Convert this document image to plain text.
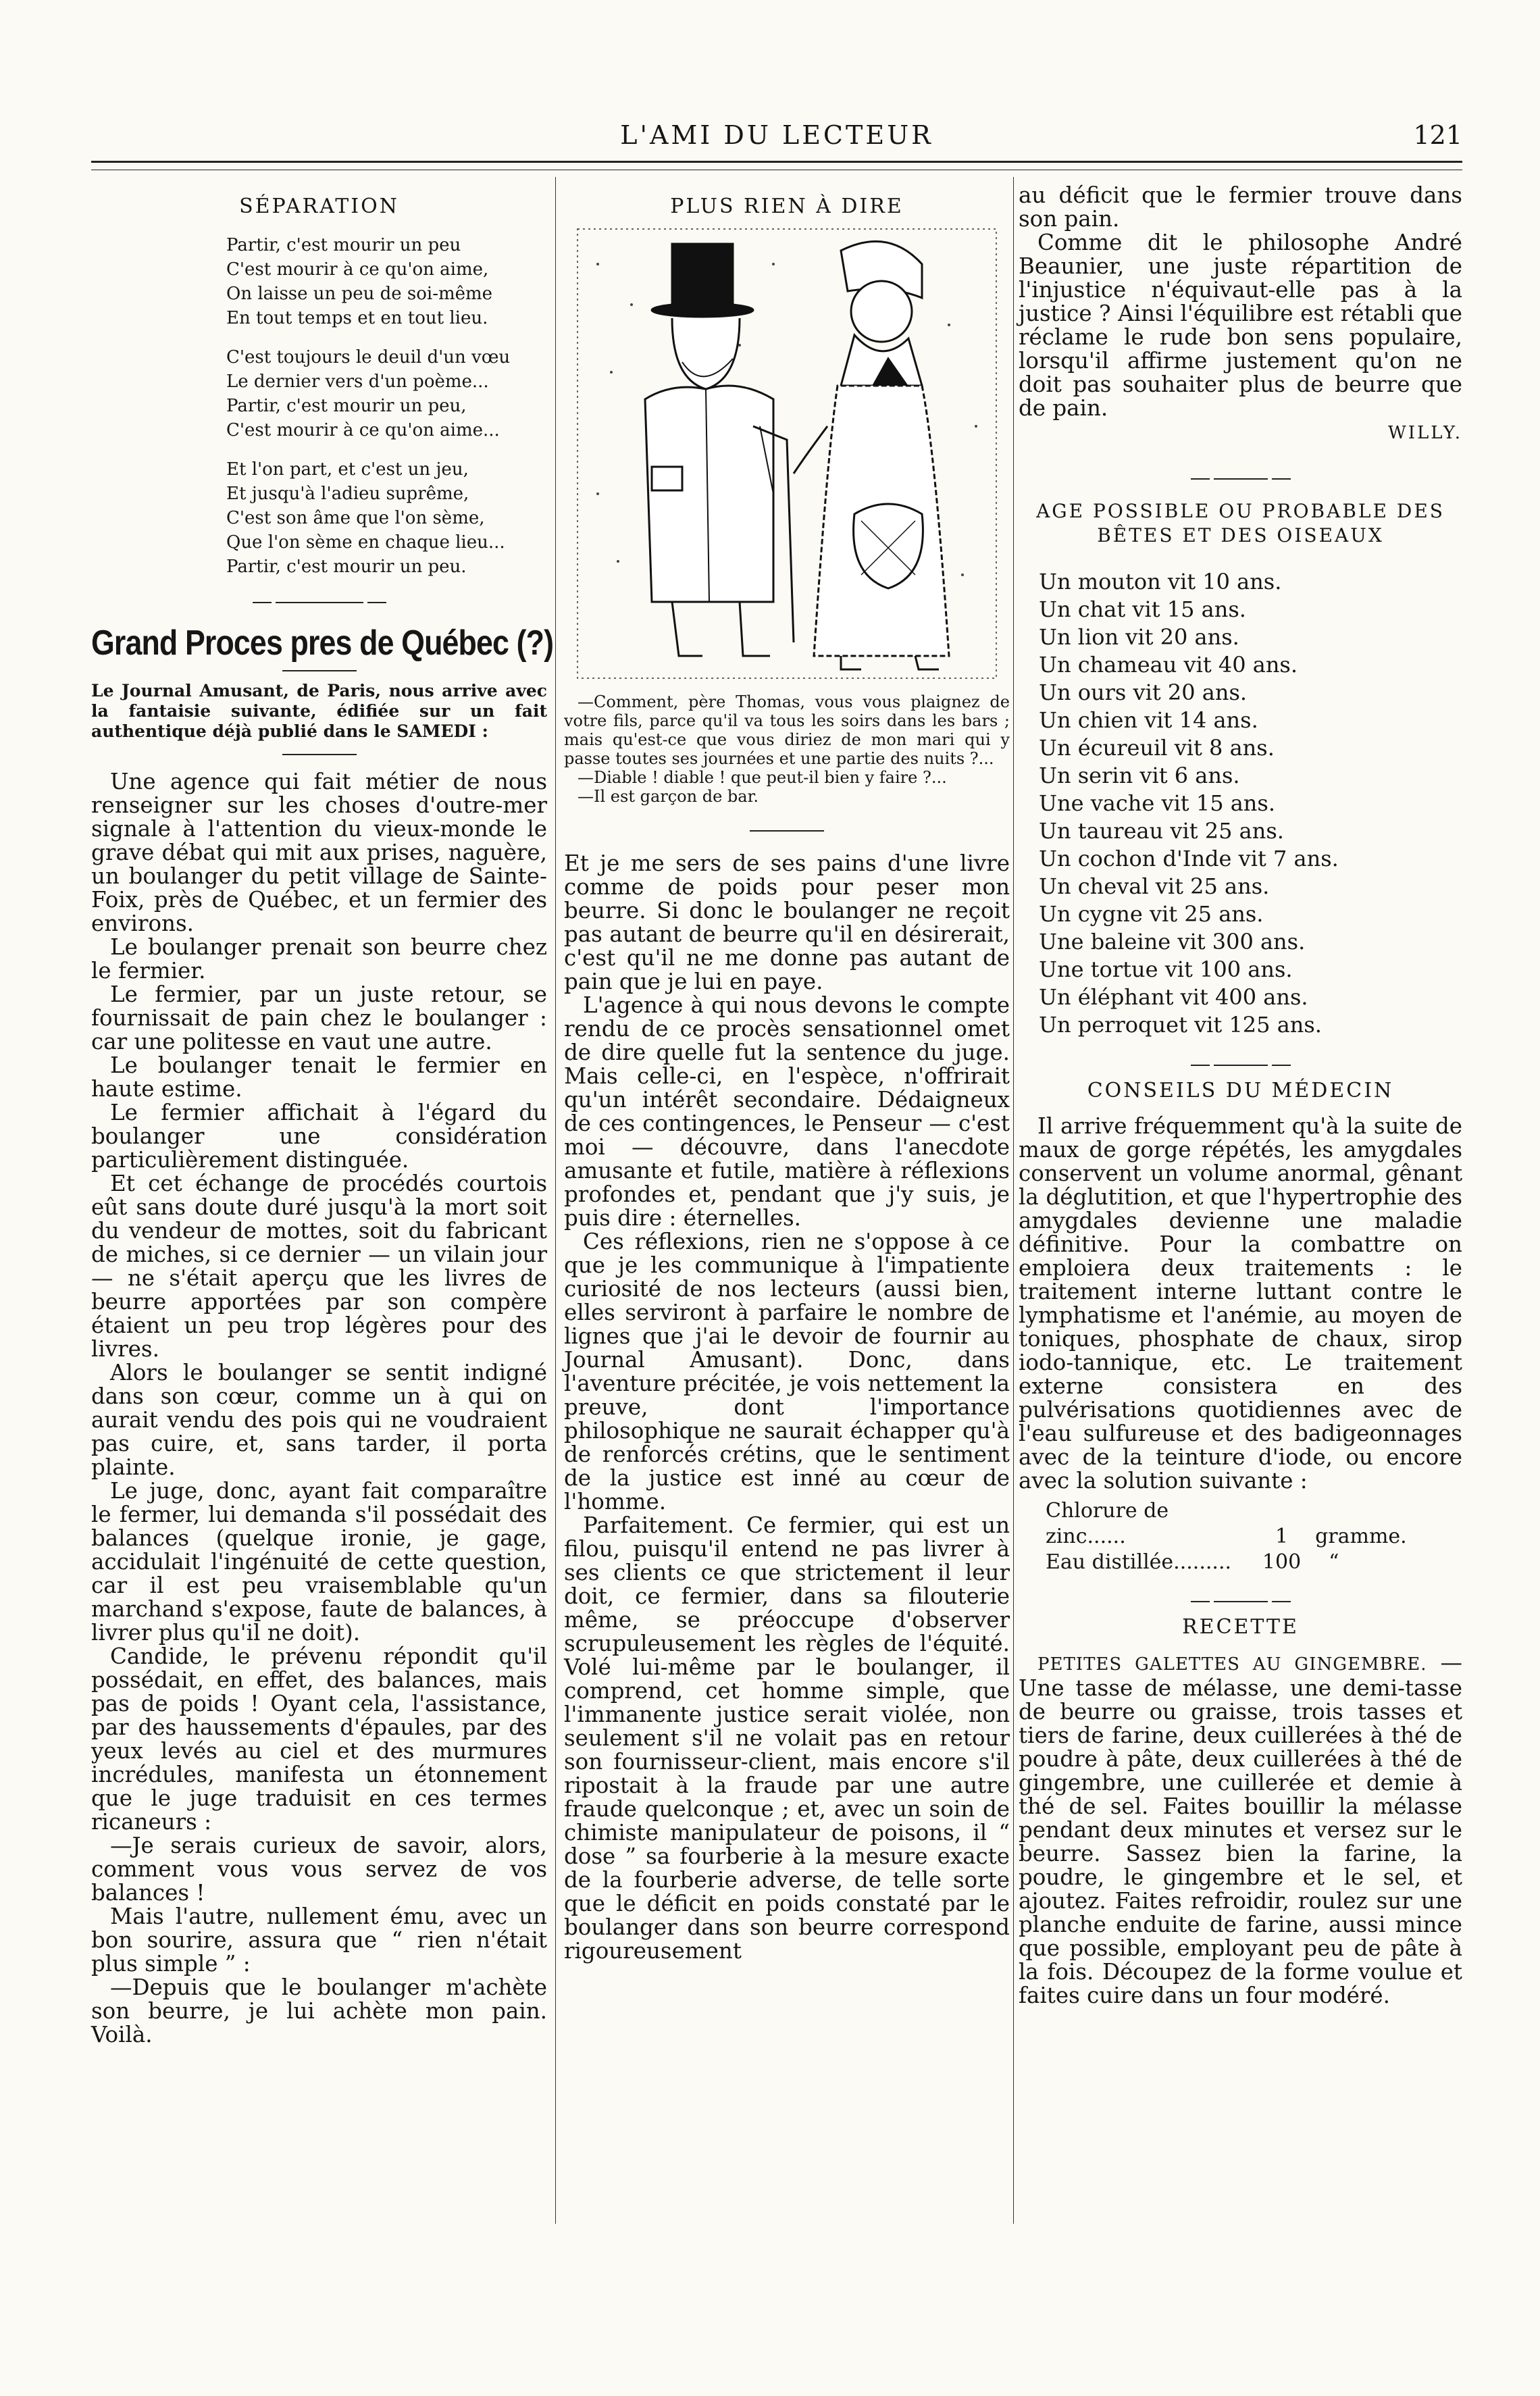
L'AMI DU LECTEUR	121
SÉPARATION
Partir, c'est mourir un peu
C'est mourir à ce qu'on aime,
On laisse un peu de soi-même
En tout temps et en tout lieu.
C'est toujours le deuil d'un vœu
Le dernier vers d'un poème...
Partir, c'est mourir un peu,
C'est mourir à ce qu'on aime...
Et l'on part, et c'est un jeu,
Et jusqu'à l'adieu suprême,
C'est son âme que l'on sème,
Que l'on sème en chaque lieu...
Partir, c'est mourir un peu.
Grand Proces pres de Québec (?)
Le Journal Amusant, de Paris, nous arrive avec la fantaisie suivante, édifiée sur un fait authentique déjà publié dans le SAMEDI :

Une agence qui fait métier de nous renseigner sur les choses d'outre-mer signale à l'attention du vieux-monde le grave débat qui mit aux prises, naguère, un boulanger du petit village de Sainte-Foix, près de Québec, et un fermier des environs.

Le boulanger prenait son beurre chez le fermier.

Le fermier, par un juste retour, se fournissait de pain chez le boulanger : car une politesse en vaut une autre.

Le boulanger tenait le fermier en haute estime.

Le fermier affichait à l'égard du boulanger une considération particulièrement distinguée.

Et cet échange de procédés courtois eût sans doute duré jusqu'à la mort soit du vendeur de mottes, soit du fabricant de miches, si ce dernier — un vilain jour — ne s'était aperçu que les livres de beurre apportées par son compère étaient un peu trop légères pour des livres.

Alors le boulanger se sentit indigné dans son cœur, comme un à qui on aurait vendu des pois qui ne voudraient pas cuire, et, sans tarder, il porta plainte.

Le juge, donc, ayant fait comparaître le fermer, lui demanda s'il possédait des balances (quelque ironie, je gage, accidulait l'ingénuité de cette question, car il est peu vraisemblable qu'un marchand s'expose, faute de balances, à livrer plus qu'il ne doit).

Candide, le prévenu répondit qu'il possédait, en effet, des balances, mais pas de poids ! Oyant cela, l'assistance, par des haussements d'épaules, par des yeux levés au ciel et des murmures incrédules, manifesta un étonnement que le juge traduisit en ces termes ricaneurs :

—Je serais curieux de savoir, alors, comment vous vous servez de vos balances !

Mais l'autre, nullement ému, avec un bon sourire, assura que “ rien n'était plus simple ” :

—Depuis que le boulanger m'achète son beurre, je lui achète mon pain. Voilà.

PLUS RIEN À DIRE

—Comment, père Thomas, vous vous plaignez de votre fils, parce qu'il va tous les soirs dans les bars ; mais qu'est-ce que vous diriez de mon mari qui y passe toutes ses journées et une partie des nuits ?...

—Diable ! diable ! que peut-il bien y faire ?...

—Il est garçon de bar.

Et je me sers de ses pains d'une livre comme de poids pour peser mon beurre. Si donc le boulanger ne reçoit pas autant de beurre qu'il en désirerait, c'est qu'il ne me donne pas autant de pain que je lui en paye.

L'agence à qui nous devons le compte rendu de ce procès sensationnel omet de dire quelle fut la sentence du juge. Mais celle-ci, en l'espèce, n'offrirait qu'un intérêt secondaire. Dédaigneux de ces contingences, le Penseur — c'est moi — découvre, dans l'anecdote amusante et futile, matière à réflexions profondes et, pendant que j'y suis, je puis dire : éternelles.

Ces réflexions, rien ne s'oppose à ce que je les communique à l'impatiente curiosité de nos lecteurs (aussi bien, elles serviront à parfaire le nombre de lignes que j'ai le devoir de fournir au Journal Amusant). Donc, dans l'aventure précitée, je vois nettement la preuve, dont l'importance philosophique ne saurait échapper qu'à de renforcés crétins, que le sentiment de la justice est inné au cœur de l'homme.

Parfaitement. Ce fermier, qui est un filou, puisqu'il entend ne pas livrer à ses clients ce que strictement il leur doit, ce fermier, dans sa filouterie même, se préoccupe d'observer scrupuleusement les règles de l'équité. Volé lui-même par le boulanger, il comprend, cet homme simple, que l'immanente justice serait violée, non seulement s'il ne volait pas en retour son fournisseur-client, mais encore s'il ripostait à la fraude par une autre fraude quelconque ; et, avec un soin de chimiste manipulateur de poisons, il “ dose ” sa fourberie à la mesure exacte de la fourberie adverse, de telle sorte que le déficit en poids constaté par le boulanger dans son beurre correspond rigoureusement

au déficit que le fermier trouve dans son pain.

Comme dit le philosophe André Beaunier, une juste répartition de l'injustice n'équivaut-elle pas à la justice ? Ainsi l'équilibre est rétabli que réclame le rude bon sens populaire, lorsqu'il affirme justement qu'on ne doit pas souhaiter plus de beurre que de pain.

WILLY.
AGE POSSIBLE OU PROBABLE DES BÊTES ET DES OISEAUX
Un mouton vit 10 ans.
Un chat vit 15 ans.
Un lion vit 20 ans.
Un chameau vit 40 ans.
Un ours vit 20 ans.
Un chien vit 14 ans.
Un écureuil vit 8 ans.
Un serin vit 6 ans.
Une vache vit 15 ans.
Un taureau vit 25 ans.
Un cochon d'Inde vit 7 ans.
Un cheval vit 25 ans.
Un cygne vit 25 ans.
Une baleine vit 300 ans.
Une tortue vit 100 ans.
Un éléphant vit 400 ans.
Un perroquet vit 125 ans.
CONSEILS DU MÉDECIN

Il arrive fréquemment qu'à la suite de maux de gorge répétés, les amygdales conservent un volume anormal, gênant la déglutition, et que l'hypertrophie des amygdales devienne une maladie définitive. Pour la combattre on emploiera deux traitements : le traitement interne luttant contre le lymphatisme et l'anémie, au moyen de toniques, phosphate de chaux, sirop iodo-tannique, etc. Le traitement externe consistera en des pulvérisations quotidiennes avec de l'eau sulfureuse et des badigeonnages avec de la teinture d'iode, ou encore avec la solution suivante :

Chlorure de zinc......	1 gramme.
Eau distillée......... 100 “
RECETTE

PETITES GALETTES AU GINGEMBRE. — Une tasse de mélasse, une demi-tasse de beurre ou graisse, trois tasses et tiers de farine, deux cuillerées à thé de poudre à pâte, deux cuillerées à thé de gingembre, une cuillerée et demie à thé de sel. Faites bouillir la mélasse pendant deux minutes et versez sur le beurre. Sassez bien la farine, la poudre, le gingembre et le sel, et ajoutez. Faites refroidir, roulez sur une planche enduite de farine, aussi mince que possible, employant peu de pâte à la fois. Découpez de la forme voulue et faites cuire dans un four modéré.
